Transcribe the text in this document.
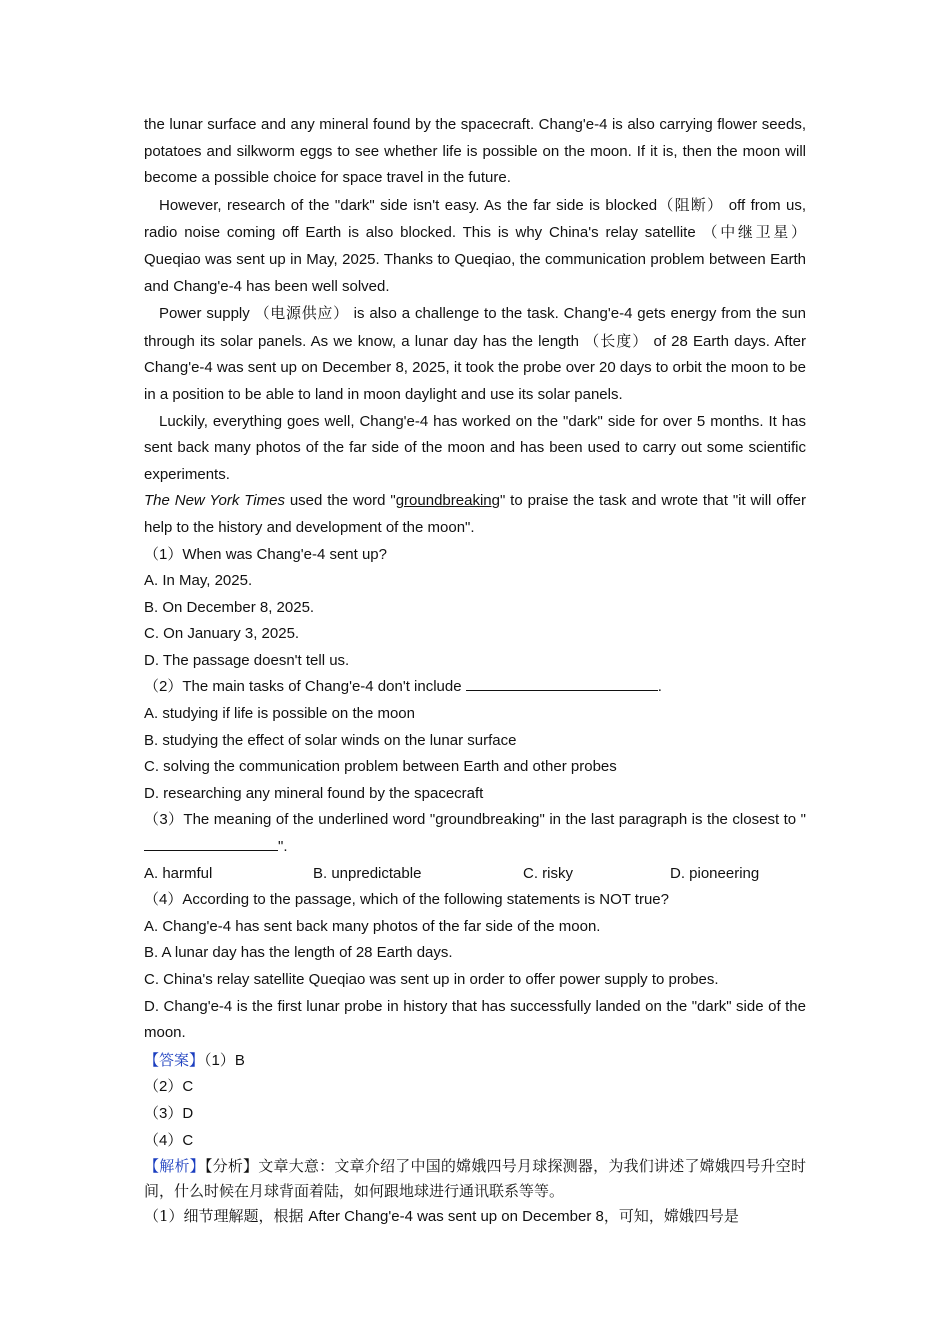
the lunar surface and any mineral found by the spacecraft. Chang'e-4 is also carrying flower seeds, potatoes and silkworm eggs to see whether life is possible on the moon. If it is, then the moon will become a possible choice for space travel in the future.

However, research of the "dark" side isn't easy. As the far side is blocked（阻断） off from us, radio noise coming off Earth is also blocked. This is why China's relay satellite （中继卫星） Queqiao was sent up in May, 2025. Thanks to Queqiao, the communication problem between Earth and Chang'e-4 has been well solved.

Power supply （电源供应） is also a challenge to the task. Chang'e-4 gets energy from the sun through its solar panels. As we know, a lunar day has the length （长度） of 28 Earth days. After Chang'e-4 was sent up on December 8, 2025, it took the probe over 20 days to orbit the moon to be in a position to be able to land in moon daylight and use its solar panels.

Luckily, everything goes well, Chang'e-4 has worked on the "dark" side for over 5 months. It has sent back many photos of the far side of the moon and has been used to carry out some scientific experiments.

The New York Times used the word "groundbreaking" to praise the task and wrote that "it will offer help to the history and development of the moon".

（1）When was Chang'e-4 sent up?

A. In May, 2025.

B. On December 8, 2025.

C. On January 3, 2025.

D. The passage doesn't tell us.

（2）The main tasks of Chang'e-4 don't include	.

A. studying if life is possible on the moon

B. studying the effect of solar winds on the lunar surface

C. solving the communication problem between Earth and other probes

D. researching any mineral found by the spacecraft

（3）The meaning of the underlined word "groundbreaking" in the last paragraph is the closest to "".

A. harmful	B. unpredictable	C. risky	D. pioneering

（4）According to the passage, which of the following statements is NOT true?

A. Chang'e-4 has sent back many photos of the far side of the moon.

B. A lunar day has the length of 28 Earth days.

C. China's relay satellite Queqiao was sent up in order to offer power supply to probes.

D. Chang'e-4 is the first lunar probe in history that has successfully landed on the "dark" side of the moon.

【答案】（1）B

（2）C

（3）D

（4）C

【解析】【分析】文章大意：文章介绍了中国的嫦娥四号月球探测器，为我们讲述了嫦娥四号升空时间，什么时候在月球背面着陆，如何跟地球进行通讯联系等等。

（1）细节理解题，根据 After Chang'e-4 was sent up on December 8，可知，嫦娥四号是
